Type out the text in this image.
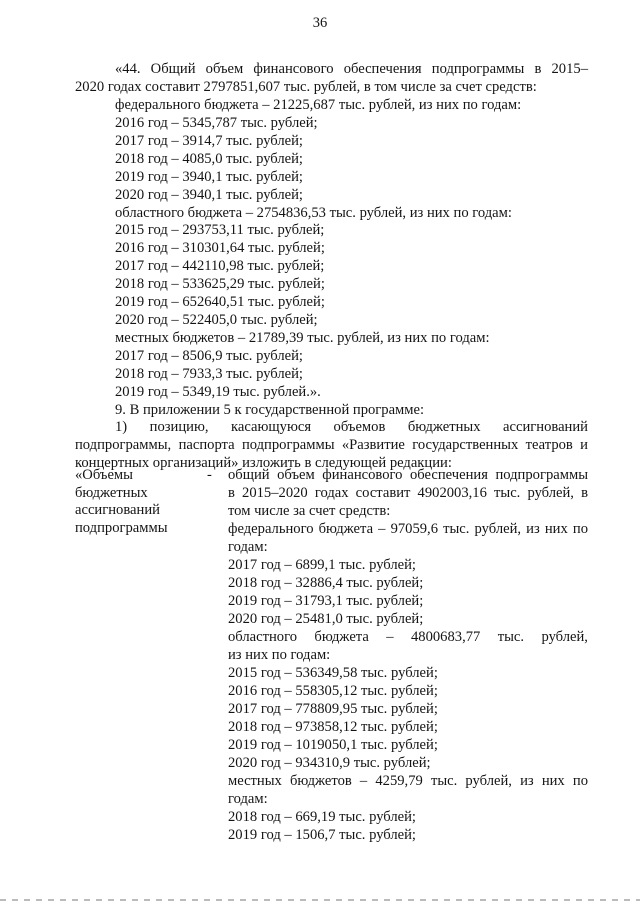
36
«44. Общий объем финансового обеспечения подпрограммы в 2015–
2020 годах составит 2797851,607 тыс. рублей, в том числе за счет средств:
федерального бюджета – 21225,687 тыс. рублей, из них по годам:
2016 год – 5345,787 тыс. рублей;
2017 год – 3914,7 тыс. рублей;
2018 год – 4085,0 тыс. рублей;
2019 год – 3940,1 тыс. рублей;
2020 год – 3940,1 тыс. рублей;
областного бюджета – 2754836,53 тыс. рублей, из них по годам:
2015 год – 293753,11 тыс. рублей;
2016 год – 310301,64 тыс. рублей;
2017 год – 442110,98 тыс. рублей;
2018 год – 533625,29 тыс. рублей;
2019 год – 652640,51 тыс. рублей;
2020 год – 522405,0 тыс. рублей;
местных бюджетов – 21789,39 тыс. рублей, из них по годам:
2017 год – 8506,9 тыс. рублей;
2018 год – 7933,3 тыс. рублей;
2019 год – 5349,19 тыс. рублей.».
9. В приложении 5 к государственной программе:
1) позицию, касающуюся объемов бюджетных ассигнований
подпрограммы, паспорта подпрограммы «Развитие государственных театров и
концертных организаций» изложить в следующей редакции:
«Объемы
бюджетных
ассигнований
подпрограммы
- общий объем финансового обеспечения подпрограммы
в 2015–2020 годах составит 4902003,16 тыс. рублей, в
том числе за счет средств:
федерального бюджета – 97059,6 тыс. рублей, из них по
годам:
2017 год – 6899,1 тыс. рублей;
2018 год – 32886,4 тыс. рублей;
2019 год – 31793,1 тыс. рублей;
2020 год – 25481,0 тыс. рублей;
областного бюджета – 4800683,77 тыс. рублей,
из них по годам:
2015 год – 536349,58 тыс. рублей;
2016 год – 558305,12 тыс. рублей;
2017 год – 778809,95 тыс. рублей;
2018 год – 973858,12 тыс. рублей;
2019 год – 1019050,1 тыс. рублей;
2020 год – 934310,9 тыс. рублей;
местных бюджетов – 4259,79 тыс. рублей, из них по
годам:
2018 год – 669,19 тыс. рублей;
2019 год – 1506,7 тыс. рублей;
